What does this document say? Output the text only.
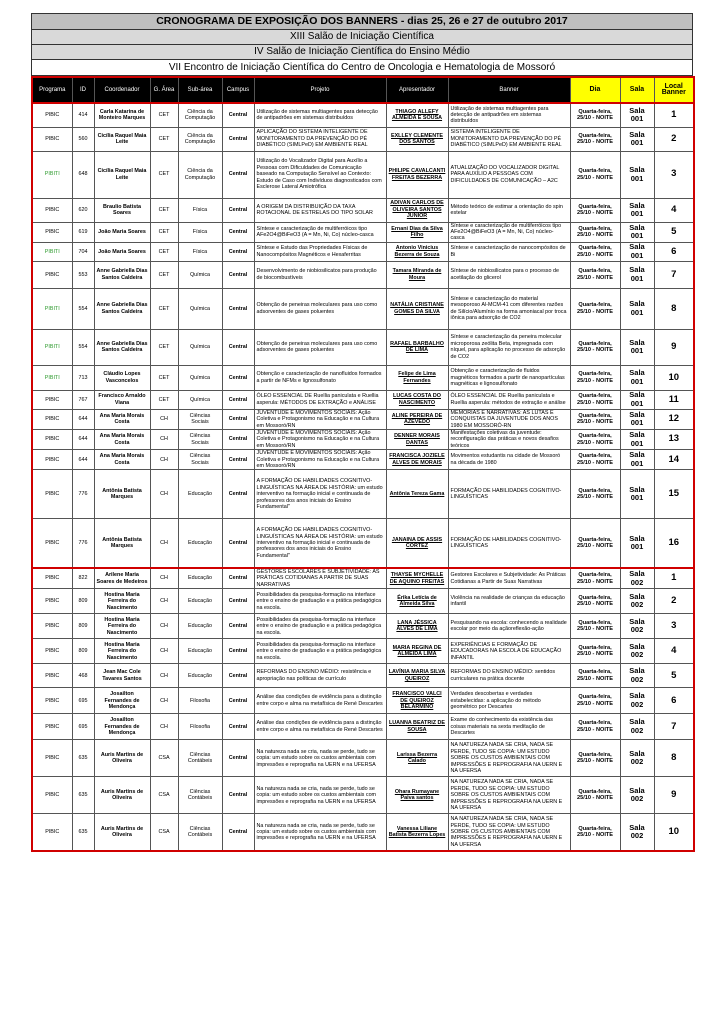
CRONOGRAMA DE EXPOSIÇÃO DOS BANNERS - dias 25, 26 e 27 de outubro 2017
XIII Salão de Iniciação Científica
IV Salão de Iniciação Científica do Ensino Médio
VII Encontro de Iniciação Científica do Centro de Oncologia e Hematologia de Mossoró
Programa	ID	Coordenador	G. Área	Sub-área	Campus	Projeto	Apresentador	Banner	Dia	Sala	Local Banner
PIBIC	414	Carla Katarina de Monteiro Marques	CET	Ciência da Computação	Central	Utilização de sistemas multiagentes para detecção de antipadrões em sistemas distribuídos	THIAGO ALLEFY ALMEIDA E SOUSA	Utilização de sistemas multiagentes para detecção de antipadrões em sistemas distribuídos	Quarta-feira, 25/10 - NOITE	Sala 001	1
PIBIC	560	Cicília Raquel Maia Leite	CET	Ciência da Computação	Central	APLICAÇÃO DO SISTEMA INTELIGENTE DE MONITORAMENTO DA PREVENÇÃO DO PÉ DIABÉTICO (SIMLPeD) EM AMBIENTE REAL	EXLLEY CLEMENTE DOS SANTOS	SISTEMA INTELIGENTE DE MONITORAMENTO DA PREVENÇÃO DO PÉ DIABÉTICO (SIMLPeD) EM AMBIENTE REAL	Quarta-feira, 25/10 - NOITE	Sala 001	2
PIBITI	648	Cicília Raquel Maia Leite	CET	Ciência da Computação	Central	Utilização do Vocalizador Digital para Auxílio a Pessoas com Dificuldades de Comunicação baseado na Computação Sensível ao Contexto: Estudo de Caso com Indivíduos diagnosticados com Esclerose Lateral Amiotrófica	PHILIPE CAVALCANTI FREITAS BEZERRA	ATUALIZAÇÃO DO VOCALIZADOR DIGITAL PARA AUXÍLIO A PESSOAS COM DIFICULDADES DE COMUNICAÇÃO – A2C	Quarta-feira, 25/10 - NOITE	Sala 001	3
PIBIC	620	Braulio Batista Soares	CET	Física	Central	A ORIGEM DA DISTRIBUIÇÃO DA TAXA ROTACIONAL DE ESTRELAS DO TIPO SOLAR	ADIVAN CARLOS DE OLIVEIRA SANTOS JÚNIOR	Método teórico de estimar a orientação do spin estelar	Quarta-feira, 25/10 - NOITE	Sala 001	4
PIBIC	619	João Maria Soares	CET	Física	Central	Síntese e caracterização de multiferróicos tipo AFe2O4@BiFeO3 (A = Mn, Ni, Co) núcleo-casca	Ernani Dias da Silva Filho	Síntese e caracterização de multiferróicos tipo AFe2O4@BiFeO3 (A = Mn, Ni, Co) núcleo-casca	Quarta-feira, 25/10 - NOITE	Sala 001	5
PIBITI	704	João Maria Soares	CET	Física	Central	Síntese e Estudo das Propriedades Físicas de Nanocompósitos Magnéticos e Hexaferritas	Antonio Vinicius Bezerra de Souza	Síntese e caracterização de nanocompósitos de Bi	Quarta-feira, 25/10 - NOITE	Sala 001	6
PIBIC	553	Anne Gabriella Dias Santos Caldeira	CET	Química	Central	Desenvolvimento de niobiosilicatos para produção de biocombustíveis	Tamara Miranda de Moura	Síntese de niobiosilicatos para o processo de acetilação do glicerol	Quarta-feira, 25/10 - NOITE	Sala 001	7
PIBITI	554	Anne Gabriella Dias Santos Caldeira	CET	Química	Central	Obtenção de peneiras moleculares para uso como adsorventes de gases poluentes	NATÁLIA CRISTIANE GOMES DA SILVA	Síntese e caracterização do material mesoporoso Al-MCM-41 com diferentes razões de Silício/Alumínio na forma amoniacal por troca iônica para adsorção de CO2	Quarta-feira, 25/10 - NOITE	Sala 001	8
PIBITI	554	Anne Gabriella Dias Santos Caldeira	CET	Química	Central	Obtenção de peneiras moleculares para uso como adsorventes de gases poluentes	RAFAEL BARBALHO DE LIMA	Síntese e caracterização da peneira molecular microporosa zeólita Beta, impregnada com níquel, para aplicação no processo de adsorção de CO2	Quarta-feira, 25/10 - NOITE	Sala 001	9
PIBITI	713	Cláudio Lopes Vasconcelos	CET	Química	Central	Obtenção e caracterização de nanofluidos formados a partir de NFMs e lignosulfonato	Felipe de Lima Fernandes	Obtenção e caracterização de fluidos magnéticos formados a partir de nanopartículas magnéticas e lignosulfonato	Quarta-feira, 25/10 - NOITE	Sala 001	10
PIBIC	767	Francisco Arnaldo Viana	CET	Química	Central	ÓLEO ESSENCIAL DE Ruellia paniculata e Ruellia asperula: MÉTODOS DE EXTRAÇÃO e ANÁLISE	LUCAS COSTA DO NASCIMENTO	ÓLEO ESSENCIAL DE Ruellia paniculata e Ruellia asperula: métodos de extração e análise	Quarta-feira, 25/10 - NOITE	Sala 001	11
PIBIC	644	Ana Maria Morais Costa	CH	Ciências Sociais	Central	JUVENTUDE E MOVIMENTOS SOCIAIS: Ação Coletiva e Protagonismo na Educação e na Cultura em Mossoró/RN	ALINE PEREIRA DE AZEVEDO	MEMÓRIAS E NARRATIVAS: AS LUTAS E CONQUISTAS DA JUVENTUDE DOS ANOS 1980 EM MOSSORÓ-RN	Quarta-feira, 25/10 - NOITE	Sala 001	12
PIBIC	644	Ana Maria Morais Costa	CH	Ciências Sociais	Central	JUVENTUDE E MOVIMENTOS SOCIAIS: Ação Coletiva e Protagonismo na Educação e na Cultura em Mossoró/RN	DENNER MORAIS DANTAS	Manifestações coletivas da juventude: reconfiguração das práticas e novos desafios teóricos	Quarta-feira, 25/10 - NOITE	Sala 001	13
PIBIC	644	Ana Maria Morais Costa	CH	Ciências Sociais	Central	JUVENTUDE E MOVIMENTOS SOCIAIS: Ação Coletiva e Protagonismo na Educação e na Cultura em Mossoró/RN	FRANCISCA JOZIELE ALVES DE MORAIS	Movimentos estudantis na cidade de Mossoró na década de 1980	Quarta-feira, 25/10 - NOITE	Sala 001	14
PIBIC	776	Antônia Batista Marques	CH	Educação	Central	A FORMAÇÃO DE HABILIDADES COGNITIVO-LINGUÍSTICAS NA ÁREA DE HISTÓRIA: um estudo interventivo na formação inicial e continuada de professores dos anos iniciais do Ensino Fundamental"	Antônia Tereza Gama	FORMAÇÃO DE HABILIDADES COGNITIVO-LINGUÍSTICAS	Quarta-feira, 25/10 - NOITE	Sala 001	15
PIBIC	776	Antônia Batista Marques	CH	Educação	Central	A FORMAÇÃO DE HABILIDADES COGNITIVO-LINGUÍSTICAS NA ÁREA DE HISTÓRIA: um estudo interventivo na formação inicial e continuada de professores dos anos iniciais do Ensino Fundamental"	JANAINA DE ASSIS CORTEZ	FORMAÇÃO DE HABILIDADES COGNITIVO-LINGUÍSTICAS	Quarta-feira, 25/10 - NOITE	Sala 001	16
PIBIC	822	Arilene Maria Soares de Medeiros	CH	Educação	Central	GESTORES ESCOLARES E SUBJETIVIDADE: AS PRÁTICAS COTIDIANAS A PARTIR DE SUAS NARRATIVAS	THAYSE MYCHELLE DE AQUINO FREITAS	Gestores Escolares e Subjetividade: As Práticas Cotidianas a Partir de Suas Narrativas	Quarta-feira, 25/10 - NOITE	Sala 002	1
PIBIC	809	Hostina Maria Ferreira do Nascimento	CH	Educação	Central	Possibilidades da pesquisa-formação na interface entre o ensino de graduação e a prática pedagógica na escola.	Érika Letícia de Almeida Silva	Violência na realidade de crianças da educação infantil	Quarta-feira, 25/10 - NOITE	Sala 002	2
PIBIC	809	Hostina Maria Ferreira do Nascimento	CH	Educação	Central	Possibilidades da pesquisa-formação na interface entre o ensino de graduação e a prática pedagógica na escola.	LANA JÉSSICA ALVES DE LIMA	Pesquisando na escola: conhecendo a realidade escolar por meio da açãoreflexão-ação	Quarta-feira, 25/10 - NOITE	Sala 002	3
PIBIC	809	Hostina Maria Ferreira do Nascimento	CH	Educação	Central	Possibilidades da pesquisa-formação na interface entre o ensino de graduação e a prática pedagógica na escola.	MARIA REGINA DE ALMEIDA LIMA	EXPERIÊNCIAS E FORMAÇÃO DE EDUCADORAS NA ESCOLA DE EDUCAÇÃO INFANTIL	Quarta-feira, 25/10 - NOITE	Sala 002	4
PIBIC	468	Jean Mac Cole Tavares Santos	CH	Educação	Central	REFORMAS DO ENSINO MÉDIO: resistência e apropriação nas políticas de currículo	LAVÍNIA MARIA SILVA QUEIROZ	REFORMAS DO ENSINO MÉDIO: sentidos curriculares na prática docente	Quarta-feira, 25/10 - NOITE	Sala 002	5
PIBIC	695	Josailton Fernandes de Mendonça	CH	Filosofia	Central	Análise das condições de evidência para a distinção entre corpo e alma na metafísica de René Descartes	FRANCISCO VALCI DE QUEIROZ BELARMINO	Verdades descobertas e verdades estabelecidas: a aplicação do método geométrico por Descartes	Quarta-feira, 25/10 - NOITE	Sala 002	6
PIBIC	695	Josailton Fernandes de Mendonça	CH	Filosofia	Central	Análise das condições de evidência para a distinção entre corpo e alma na metafísica de René Descartes	LUANNA BEATRIZ DE SOUSA	Exame do conhecimento da existência das coisas materiais na sexta meditação de Descartes	Quarta-feira, 25/10 - NOITE	Sala 002	7
PIBIC	635	Auris Martins de Oliveira	CSA	Ciências Contábeis	Central	Na natureza nada se cria, nada se perde, tudo se copia: um estudo sobre os custos ambientais com impressões e reprografia na UERN e na UFERSA	Larissa Bezerra Calado	NA NATUREZA NADA SE CRIA, NADA SE PERDE, TUDO SE COPIA: UM ESTUDO SOBRE OS CUSTOS AMBIENTAIS COM IMPRESSÕES E REPROGRAFIA NA UERN E NA UFERSA	Quarta-feira, 25/10 - NOITE	Sala 002	8
PIBIC	635	Auris Martins de Oliveira	CSA	Ciências Contábeis	Central	Na natureza nada se cria, nada se perde, tudo se copia: um estudo sobre os custos ambientais com impressões e reprografia na UERN e na UFERSA	Ohara Rumayane Paiva santos	NA NATUREZA NADA SE CRIA, NADA SE PERDE, TUDO SE COPIA: UM ESTUDO SOBRE OS CUSTOS AMBIENTAIS COM IMPRESSÕES E REPROGRAFIA NA UERN E NA UFERSA	Quarta-feira, 25/10 - NOITE	Sala 002	9
PIBIC	635	Auris Martins de Oliveira	CSA	Ciências Contábeis	Central	Na natureza nada se cria, nada se perde, tudo se copia: um estudo sobre os custos ambientais com impressões e reprografia na UERN e na UFERSA	Vanessa Liliane Batista Bezerra Lopes	NA NATUREZA NADA SE CRIA, NADA SE PERDE, TUDO SE COPIA: UM ESTUDO SOBRE OS CUSTOS AMBIENTAIS COM IMPRESSÕES E REPROGRAFIA NA UERN E NA UFERSA	Quarta-feira, 25/10 - NOITE	Sala 002	10
